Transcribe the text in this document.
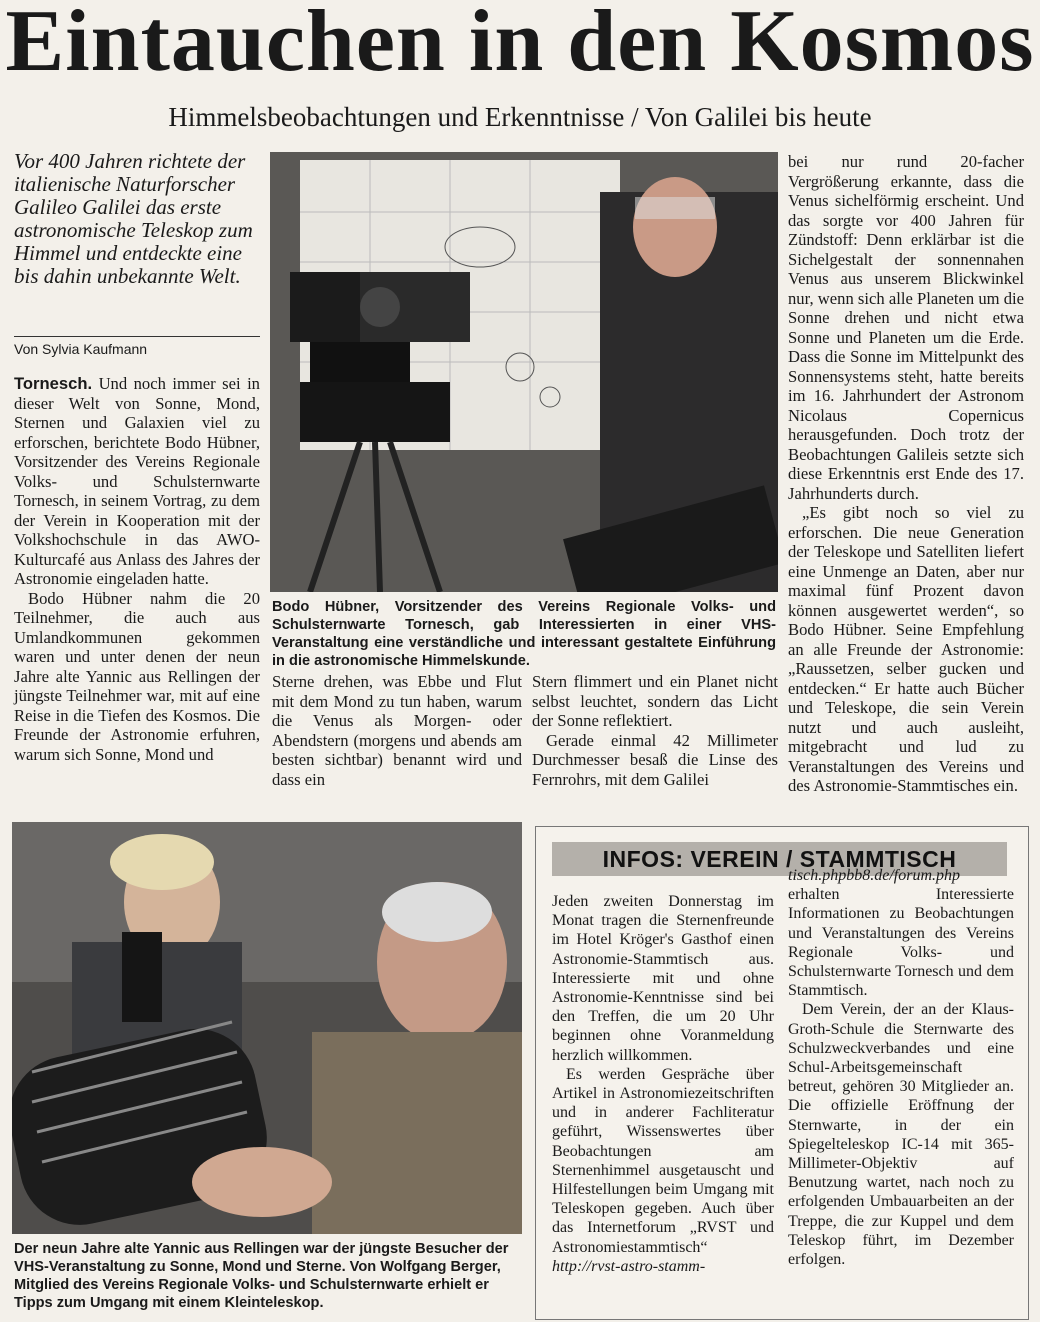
Eintauchen in den Kosmos
Himmelsbeobachtungen und Erkenntnisse / Von Galilei bis heute
Vor 400 Jahren richtete der italienische Naturforscher Galileo Galilei das erste astronomische Teleskop zum Himmel und entdeckte eine bis dahin unbekannte Welt.
Von Sylvia Kaufmann

Tornesch. Und noch immer sei in dieser Welt von Sonne, Mond, Sternen und Galaxien viel zu erforschen, berichtete Bodo Hübner, Vorsitzender des Vereins Regionale Volks- und Schulsternwarte Tornesch, in seinem Vortrag, zu dem der Verein in Kooperation mit der Volkshochschule in das AWO-Kulturcafé aus Anlass des Jahres der Astronomie eingeladen hatte.

Bodo Hübner nahm die 20 Teilnehmer, die auch aus Umlandkommunen gekommen waren und unter denen der neun Jahre alte Yannic aus Rellingen der jüngste Teilnehmer war, mit auf eine Reise in die Tiefen des Kosmos. Die Freunde der Astronomie erfuhren, warum sich Sonne, Mond und

Bodo Hübner, Vorsitzender des Vereins Regionale Volks- und Schulsternwarte Tornesch, gab Interessierten in einer VHS-Veranstaltung eine verständliche und interessant gestaltete Einführung in die astronomische Himmelskunde.

Sterne drehen, was Ebbe und Flut mit dem Mond zu tun haben, warum die Venus als Morgen- oder Abendstern (morgens und abends am besten sichtbar) benannt wird und dass ein

Stern flimmert und ein Planet nicht selbst leuchtet, sondern das Licht der Sonne reflektiert.

Gerade einmal 42 Millimeter Durchmesser besaß die Linse des Fernrohrs, mit dem Galilei

bei nur rund 20-facher Vergrößerung erkannte, dass die Venus sichelförmig erscheint. Und das sorgte vor 400 Jahren für Zündstoff: Denn erklärbar ist die Sichelgestalt der sonnennahen Venus aus unserem Blickwinkel nur, wenn sich alle Planeten um die Sonne drehen und nicht etwa Sonne und Planeten um die Erde. Dass die Sonne im Mittelpunkt des Sonnensystems steht, hatte bereits im 16. Jahrhundert der Astronom Nicolaus Copernicus herausgefunden. Doch trotz der Beobachtungen Galileis setzte sich diese Erkenntnis erst Ende des 17. Jahrhunderts durch.

„Es gibt noch so viel zu erforschen. Die neue Generation der Teleskope und Satelliten liefert eine Unmenge an Daten, aber nur maximal fünf Prozent davon können ausgewertet werden“, so Bodo Hübner. Seine Empfehlung an alle Freunde der Astronomie: „Raussetzen, selber gucken und entdecken.“ Er hatte auch Bücher und Teleskope, die sein Verein nutzt und auch ausleiht, mitgebracht und lud zu Veranstaltungen des Vereins und des Astronomie-Stammtisches ein.

Der neun Jahre alte Yannic aus Rellingen war der jüngste Besucher der VHS-Veranstaltung zu Sonne, Mond und Sterne. Von Wolfgang Berger, Mitglied des Vereins Regionale Volks- und Schulsternwarte erhielt er Tipps zum Umgang mit einem Kleinteleskop.
INFOS: VEREIN / STAMMTISCH

Jeden zweiten Donnerstag im Monat tragen die Sternenfreunde im Hotel Kröger's Gasthof einen Astronomie-Stammtisch aus. Interessierte mit und ohne Astronomie-Kenntnisse sind bei den Treffen, die um 20 Uhr beginnen ohne Voranmeldung herzlich willkommen.

Es werden Gespräche über Artikel in Astronomiezeitschriften und in anderer Fachliteratur geführt, Wissenswertes über Beobachtungen am Sternenhimmel ausgetauscht und Hilfestellungen beim Umgang mit Teleskopen gegeben. Auch über das Internetforum „RVST und Astronomiestammtisch“ http://rvst-astro-stamm-

tisch.phpbb8.de/forum.php erhalten Interessierte Informationen zu Beobachtungen und Veranstaltungen des Vereins Regionale Volks- und Schulsternwarte Tornesch und dem Stammtisch.

Dem Verein, der an der Klaus-Groth-Schule die Sternwarte des Schulzweckverbandes und eine Schul-Arbeitsgemeinschaft betreut, gehören 30 Mitglieder an. Die offizielle Eröffnung der Sternwarte, in der ein Spiegelteleskop IC-14 mit 365-Millimeter-Objektiv auf Benutzung wartet, nach noch zu erfolgenden Umbauarbeiten an der Treppe, die zur Kuppel und dem Teleskop führt, im Dezember erfolgen.
